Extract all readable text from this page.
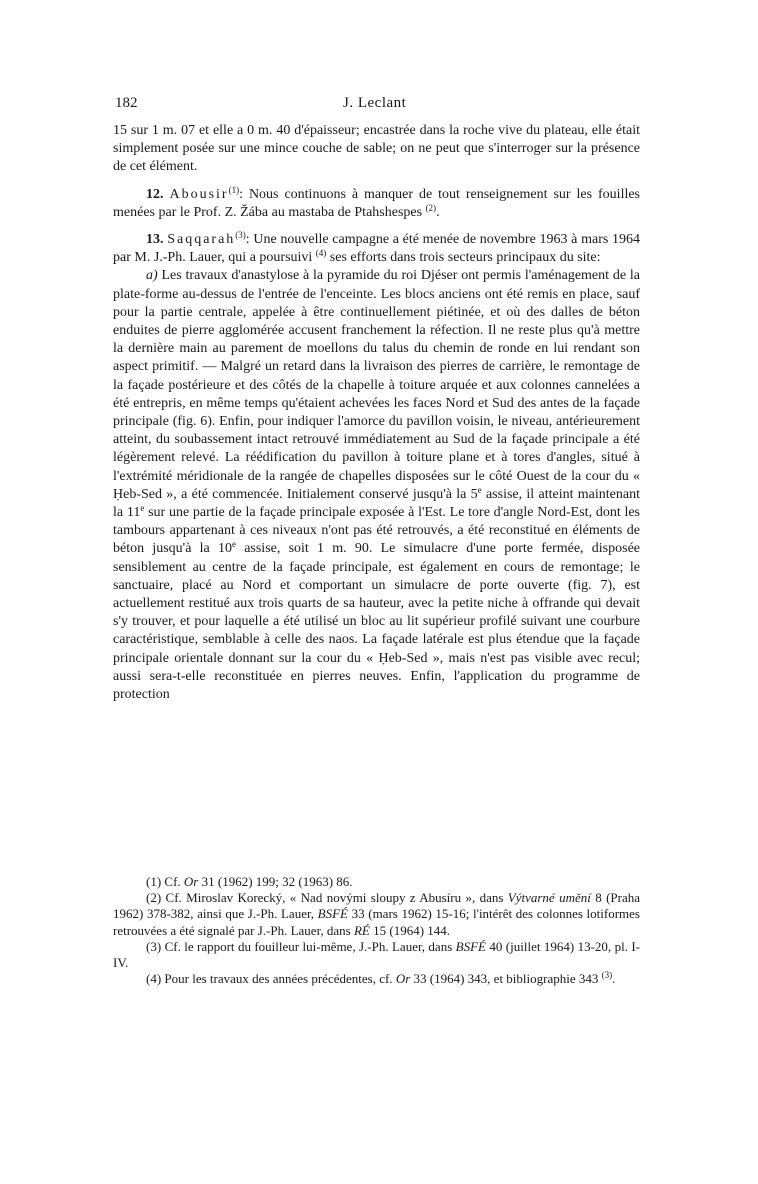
182	J. Leclant

15 sur 1 m. 07 et elle a 0 m. 40 d'épaisseur; encastrée dans la roche vive du plateau, elle était simplement posée sur une mince couche de sable; on ne peut que s'interroger sur la présence de cet élément.

12. Abousir$^{(1)}$: Nous continuons à manquer de tout renseignement sur les fouilles menées par le Prof. Z. Žába au mastaba de Ptahshespes $^{(2)}$.

13. Saqqarah$^{(3)}$: Une nouvelle campagne a été menée de novembre 1963 à mars 1964 par M. J.-Ph. Lauer, qui a poursuivi $^{(4)}$ ses efforts dans trois secteurs principaux du site:

a) Les travaux d'anastylose à la pyramide du roi Djéser ont permis l'aménagement de la plate-forme au-dessus de l'entrée de l'enceinte. Les blocs anciens ont été remis en place, sauf pour la partie centrale, appelée à être continuellement piétinée, et où des dalles de béton enduites de pierre agglomérée accusent franchement la réfection. Il ne reste plus qu'à mettre la dernière main au parement de moellons du talus du chemin de ronde en lui rendant son aspect primitif. — Malgré un retard dans la livraison des pierres de carrière, le remontage de la façade postérieure et des côtés de la chapelle à toiture arquée et aux colonnes cannelées a été entrepris, en même temps qu'étaient achevées les faces Nord et Sud des antes de la façade principale (fig. 6). Enfin, pour indiquer l'amorce du pavillon voisin, le niveau, antérieurement atteint, du soubassement intact retrouvé immédiatement au Sud de la façade principale a été légèrement relevé. La réédification du pavillon à toiture plane et à tores d'angles, situé à l'extrémité méridionale de la rangée de chapelles disposées sur le côté Ouest de la cour du « Ḥeb-Sed », a été commencée. Initialement conservé jusqu'à la 5e assise, il atteint maintenant la 11e sur une partie de la façade principale exposée à l'Est. Le tore d'angle Nord-Est, dont les tambours appartenant à ces niveaux n'ont pas été retrouvés, a été reconstitué en éléments de béton jusqu'à la 10e assise, soit 1 m. 90. Le simulacre d'une porte fermée, disposée sensiblement au centre de la façade principale, est également en cours de remontage; le sanctuaire, placé au Nord et comportant un simulacre de porte ouverte (fig. 7), est actuellement restitué aux trois quarts de sa hauteur, avec la petite niche à offrande qui devait s'y trouver, et pour laquelle a été utilisé un bloc au lit supérieur profilé suivant une courbure caractéristique, semblable à celle des naos. La façade latérale est plus étendue que la façade principale orientale donnant sur la cour du « Ḥeb-Sed », mais n'est pas visible avec recul; aussi sera-t-elle reconstituée en pierres neuves. Enfin, l'application du programme de protection

(1) Cf. Or 31 (1962) 199; 32 (1963) 86.

(2) Cf. Miroslav Korecký, « Nad novými sloupy z Abusíru », dans Výtvarné umění 8 (Praha 1962) 378-382, ainsi que J.-Ph. Lauer, BSFÉ 33 (mars 1962) 15-16; l'intérêt des colonnes lotiformes retrouvées a été signalé par J.-Ph. Lauer, dans RÉ 15 (1964) 144.

(3) Cf. le rapport du fouilleur lui-même, J.-Ph. Lauer, dans BSFÉ 40 (juillet 1964) 13-20, pl. I-IV.

(4) Pour les travaux des années précédentes, cf. Or 33 (1964) 343, et bibliographie 343 $^{(3)}$.
